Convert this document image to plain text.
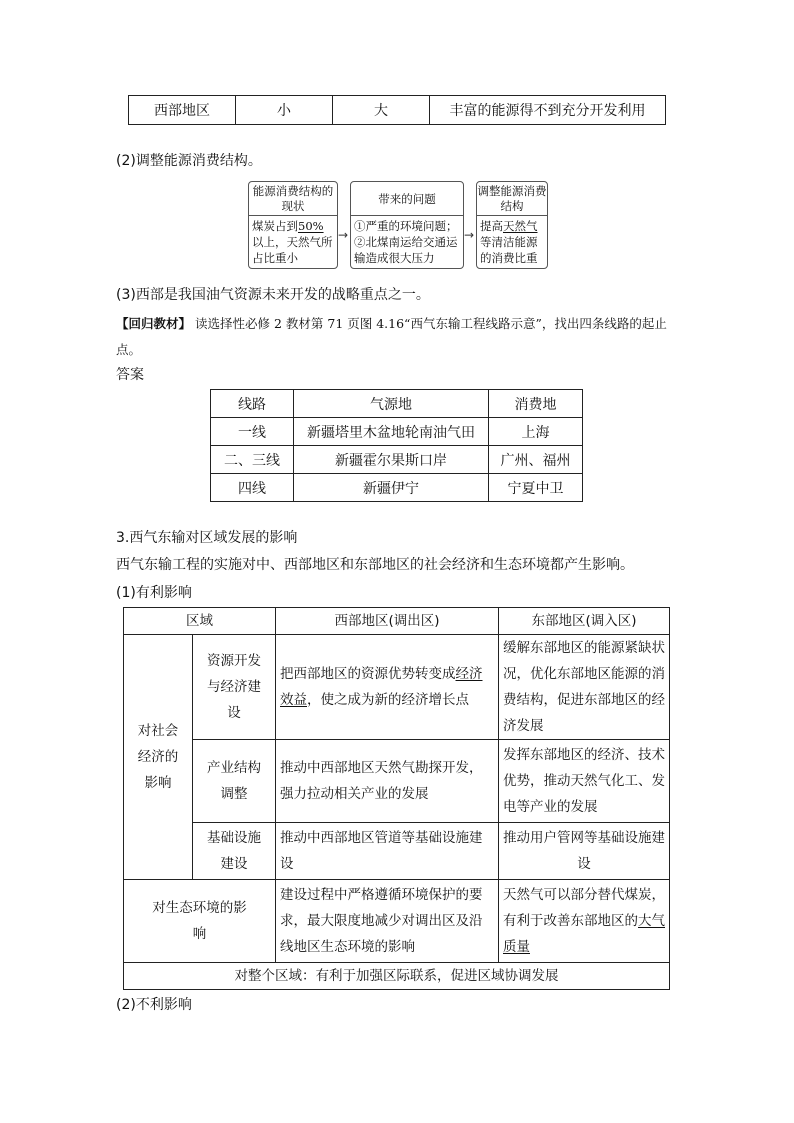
西部地区	小	大	丰富的能源得不到充分开发利用
(2)调整能源消费结构。
能源消费结构的现状
煤炭占到50%以上，天然气所占比重小
→
带来的问题
①严重的环境问题；
②北煤南运给交通运输造成很大压力
→
调整能源消费结构
提高天然气等清洁能源的消费比重
(3)西部是我国油气资源未来开发的战略重点之一。
【回归教材】 读选择性必修 2 教材第 71 页图 4.16“西气东输工程线路示意”，找出四条线路的起止点。
答案
线路	气源地	消费地
一线	新疆塔里木盆地轮南油气田	上海
二、三线	新疆霍尔果斯口岸	广州、福州
四线	新疆伊宁	宁夏中卫
3.西气东输对区域发展的影响
西气东输工程的实施对中、西部地区和东部地区的社会经济和生态环境都产生影响。
(1)有利影响
区域		西部地区(调出区)	东部地区(调入区)
对社会经济的影响	资源开发与经济建设	把西部地区的资源优势转变成经济效益，使之成为新的经济增长点	缓解东部地区的能源紧缺状况，优化东部地区能源的消费结构，促进东部地区的经济发展
	产业结构调整	推动中西部地区天然气勘探开发，强力拉动相关产业的发展	发挥东部地区的经济、技术优势，推动天然气化工、发电等产业的发展
	基础设施建设	推动中西部地区管道等基础设施建设	推动用户管网等基础设施建设
对生态环境的影响		建设过程中严格遵循环境保护的要求，最大限度地减少对调出区及沿线地区生态环境的影响	天然气可以部分替代煤炭，有利于改善东部地区的大气质量
对整个区域：有利于加强区际联系，促进区域协调发展			
(2)不利影响
